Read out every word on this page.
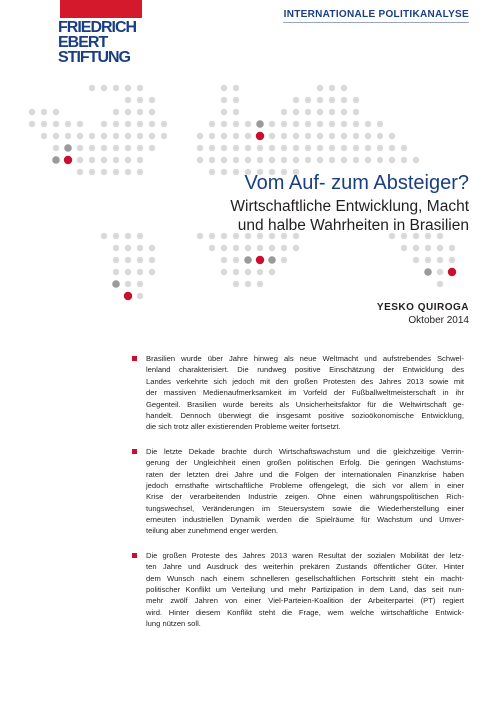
FRIEDRICH
EBERT
STIFTUNG
INTERNATIONALE POLITIKANALYSE
Vom Auf- zum Absteiger?
Wirtschaftliche Entwicklung, Macht
und halbe Wahrheiten in Brasilien
YESKO QUIROGA
Oktober 2014
Brasilien wurde über Jahre hinweg als neue Weltmacht und aufstrebendes Schwel-
lenland charakterisiert. Die rundweg positive Einschätzung der Entwicklung des
Landes verkehrte sich jedoch mit den großen Protesten des Jahres 2013 sowie mit
der massiven Medienaufmerksamkeit im Vorfeld der Fußballweltmeisterschaft in ihr
Gegenteil. Brasilien wurde bereits als Unsicherheitsfaktor für die Weltwirtschaft ge-
handelt. Dennoch überwiegt die insgesamt positive sozioökonomische Entwicklung,
die sich trotz aller existierenden Probleme weiter fortsetzt.
Die letzte Dekade brachte durch Wirtschaftswachstum und die gleichzeitige Verrin-
gerung der Ungleichheit einen großen politischen Erfolg. Die geringen Wachstums-
raten der letzten drei Jahre und die Folgen der internationalen Finanzkrise haben
jedoch ernsthafte wirtschaftliche Probleme offengelegt, die sich vor allem in einer
Krise der verarbeitenden Industrie zeigen. Ohne einen währungspolitischen Rich-
tungswechsel, Veränderungen im Steuersystem sowie die Wiederherstellung einer
erneuten industriellen Dynamik werden die Spielräume für Wachstum und Umver-
teilung aber zunehmend enger werden.
Die großen Proteste des Jahres 2013 waren Resultat der sozialen Mobilität der letz-
ten Jahre und Ausdruck des weiterhin prekären Zustands öffentlicher Güter. Hinter
dem Wunsch nach einem schnelleren gesellschaftlichen Fortschritt steht ein macht-
politischer Konflikt um Verteilung und mehr Partizipation in dem Land, das seit nun-
mehr zwölf Jahren von einer Viel-Parteien-Koalition der Arbeiterpartei (PT) regiert
wird. Hinter diesem Konflikt steht die Frage, wem welche wirtschaftliche Entwick-
lung nützen soll.
